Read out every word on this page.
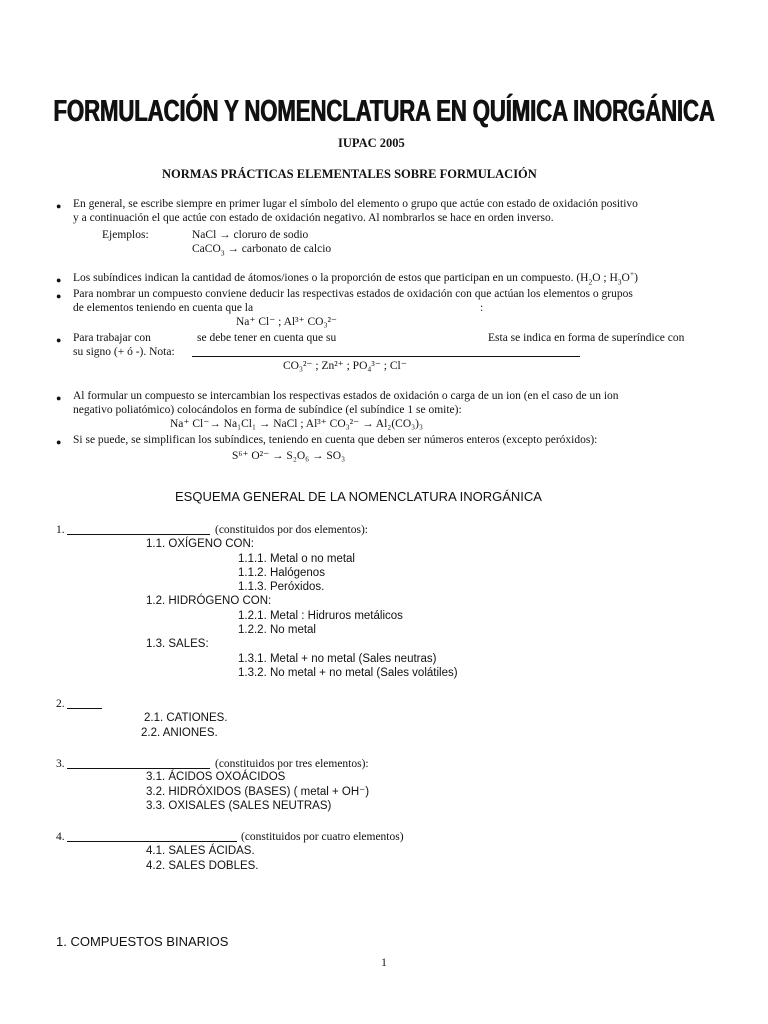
FORMULACIÓN Y NOMENCLATURA EN QUÍMICA INORGÁNICA
IUPAC 2005
NORMAS PRÁCTICAS ELEMENTALES SOBRE FORMULACIÓN
● En general, se escribe siempre en primer lugar el símbolo del elemento o grupo que actúe con estado de oxidación positivo
y a continuación el que actúe con estado de oxidación negativo. Al nombrarlos se hace en orden inverso.
Ejemplos:	NaCl → cloruro de sodio
CaCO$_3$ → carbonato de calcio
● Los subíndices indican la cantidad de átomos/iones o la proporción de estos que participan en un compuesto. ($H_2O$ ; $H_3O^+$)
● Para nombrar un compuesto conviene deducir las respectivas estados de oxidación con que actúan los elementos o grupos
de elementos teniendo en cuenta que la	:
Na⁺ Cl⁻ ; Al³⁺ CO₃²⁻
● Para trabajar con	se debe tener en cuenta que su	Esta se indica en forma de superíndice con
su signo (+ ó -). Nota:
CO₃²⁻ ; Zn²⁺ ; PO₄³⁻ ; Cl⁻
● Al formular un compuesto se intercambian los respectivas estados de oxidación o carga de un ion (en el caso de un ion
negativo poliatómico) colocándolos en forma de subíndice (el subíndice 1 se omite):
Na⁺ Cl⁻→ Na₁Cl₁ → NaCl ; Al³⁺ CO₃²⁻ → Al₂(CO₃)₃
● Si se puede, se simplifican los subíndices, teniendo en cuenta que deben ser números enteros (excepto peróxidos):
S⁶⁺ O²⁻ → S₂O₆ → SO₃
ESQUEMA GENERAL DE LA NOMENCLATURA INORGÁNICA
1.	(constituidos por dos elementos):
1.1. OXÍGENO CON:
1.1.1. Metal o no metal
1.1.2. Halógenos
1.1.3. Peróxidos.
1.2. HIDRÓGENO CON:
1.2.1. Metal : Hidruros metálicos
1.2.2. No metal
1.3. SALES:
1.3.1. Metal + no metal (Sales neutras)
1.3.2. No metal + no metal (Sales volátiles)
2.
2.1. CATIONES.
2.2. ANIONES.
3.	(constituidos por tres elementos):
3.1. ÁCIDOS OXOÁCIDOS
3.2. HIDRÓXIDOS (BASES) ( metal + OH⁻)
3.3. OXISALES (SALES NEUTRAS)
4.	(constituidos por cuatro elementos)
4.1. SALES ÁCIDAS.
4.2. SALES DOBLES.
1. COMPUESTOS BINARIOS
1
